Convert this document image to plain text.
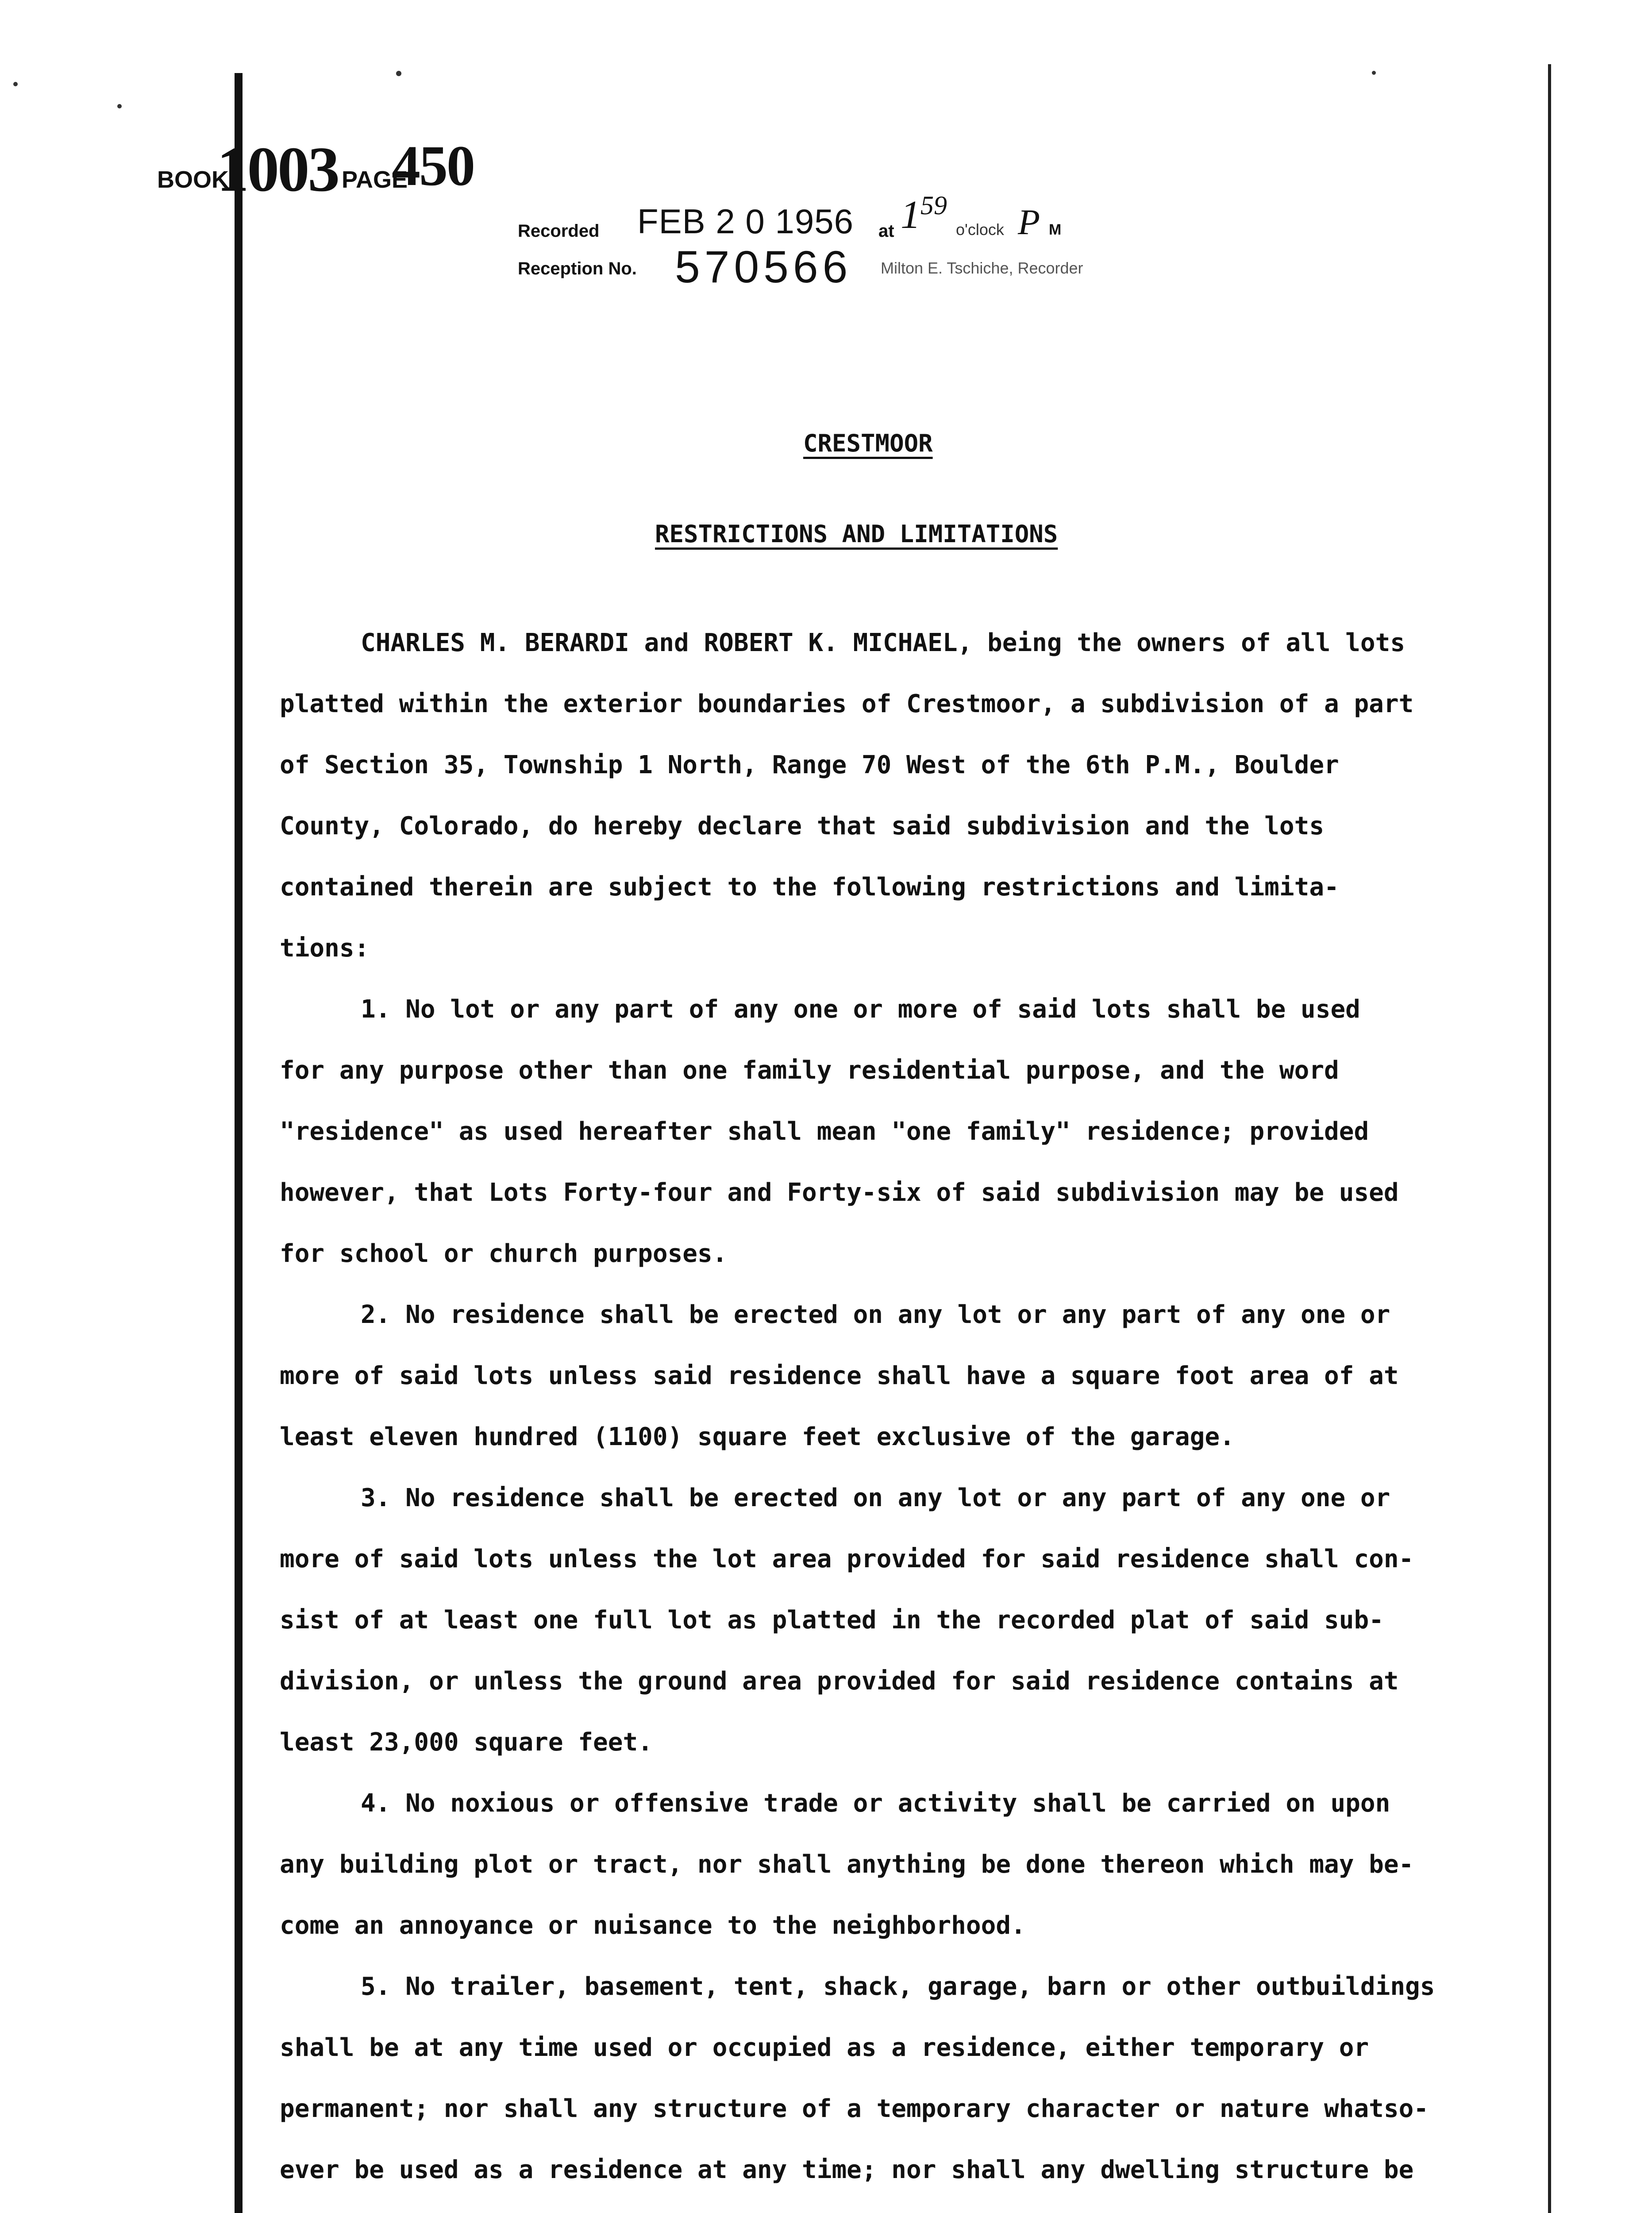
BOOK
1003 PAGE
450
Recorded FEB 2 0 1956 at $1^{59}$
o'clock P M
Reception No. 570566 Milton E. Tschiche, Recorder
CRESTMOOR
RESTRICTIONS AND LIMITATIONS
CHARLES M. BERARDI and ROBERT K. MICHAEL, being the owners of all lots
platted within the exterior boundaries of Crestmoor, a subdivision of a part
of Section 35, Township 1 North, Range 70 West of the 6th P.M., Boulder
County, Colorado, do hereby declare that said subdivision and the lots
contained therein are subject to the following restrictions and limita-
tions:
1. No lot or any part of any one or more of said lots shall be used
for any purpose other than one family residential purpose, and the word
"residence" as used hereafter shall mean "one family" residence; provided
however, that Lots Forty-four and Forty-six of said subdivision may be used
for school or church purposes.
2. No residence shall be erected on any lot or any part of any one or
more of said lots unless said residence shall have a square foot area of at
least eleven hundred (1100) square feet exclusive of the garage.
3. No residence shall be erected on any lot or any part of any one or
more of said lots unless the lot area provided for said residence shall con-
sist of at least one full lot as platted in the recorded plat of said sub-
division, or unless the ground area provided for said residence contains at
least 23,000 square feet.
4. No noxious or offensive trade or activity shall be carried on upon
any building plot or tract, nor shall anything be done thereon which may be-
come an annoyance or nuisance to the neighborhood.
5. No trailer, basement, tent, shack, garage, barn or other outbuildings
shall be at any time used or occupied as a residence, either temporary or
permanent; nor shall any structure of a temporary character or nature whatso-
ever be used as a residence at any time; nor shall any dwelling structure be
